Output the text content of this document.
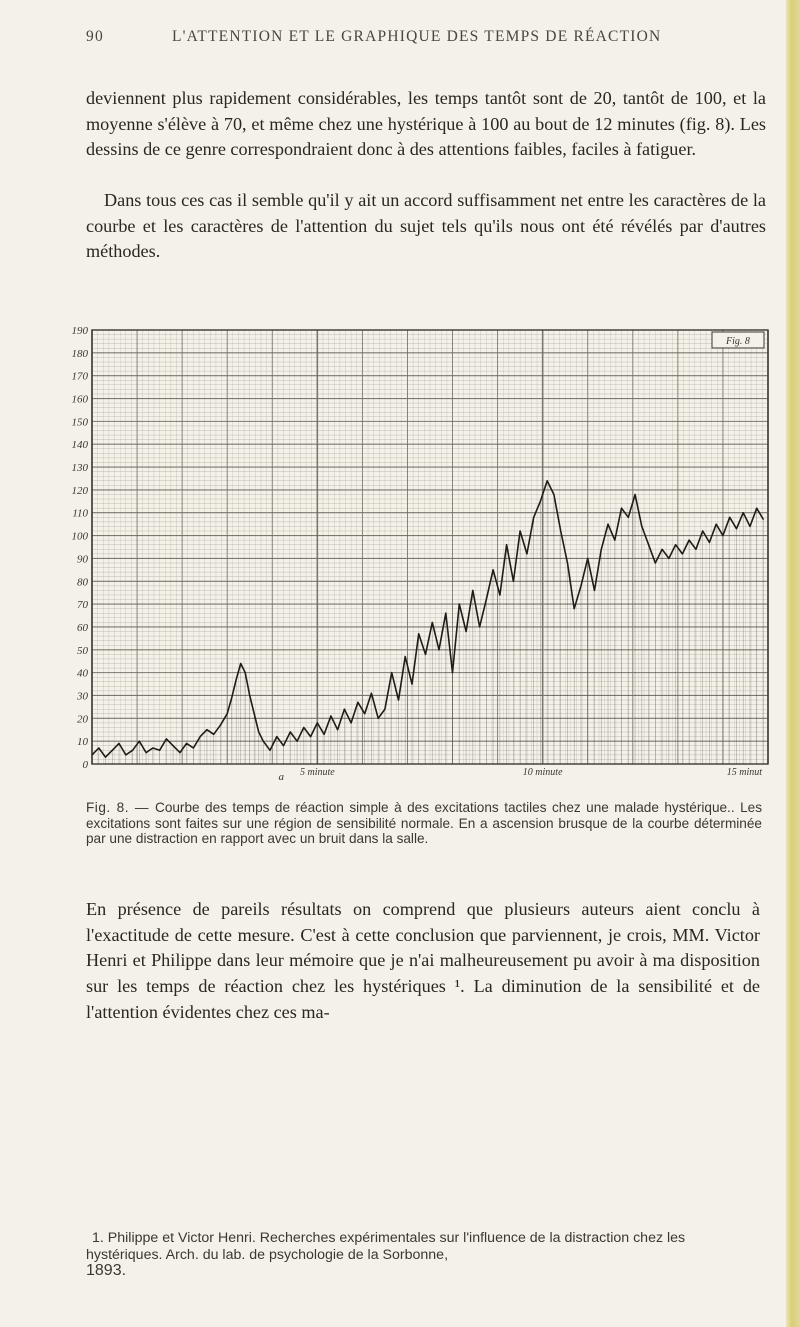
90	L'ATTENTION ET LE GRAPHIQUE DES TEMPS DE RÉACTION

deviennent plus rapidement considérables, les temps tantôt sont de 20, tantôt de 100, et la moyenne s'élève à 70, et même chez une hystérique à 100 au bout de 12 minutes (fig. 8). Les dessins de ce genre correspondraient donc à des attentions faibles, faciles à fatiguer.

Dans tous ces cas il semble qu'il y ait un accord suffisamment net entre les caractères de la courbe et les caractères de l'attention du sujet tels qu'ils nous ont été révélés par d'autres méthodes.

0
10
20
30
40
50
60
70
80
90
100
110
120
130
140
150
160
170
180
190
a 5 minute	10 minute	15 minut
Fig. 8
Fig. 8. — Courbe des temps de réaction simple à des excitations tactiles chez une malade hystérique.. Les excitations sont faites sur une région de sensibilité normale. En a ascension brusque de la courbe déterminée par une distraction en rapport avec un bruit dans la salle.

En présence de pareils résultats on comprend que plusieurs auteurs aient conclu à l'exactitude de cette mesure. C'est à cette conclusion que parviennent, je crois, MM. Victor Henri et Philippe dans leur mémoire que je n'ai malheureusement pu avoir à ma disposition sur les temps de réaction chez les hystériques ¹. La diminution de la sensibilité et de l'attention évidentes chez ces ma-

1. Philippe et Victor Henri. Recherches expérimentales sur l'influence de la distraction chez les hystériques. Arch. du lab. de psychologie de la Sorbonne,
1893.
